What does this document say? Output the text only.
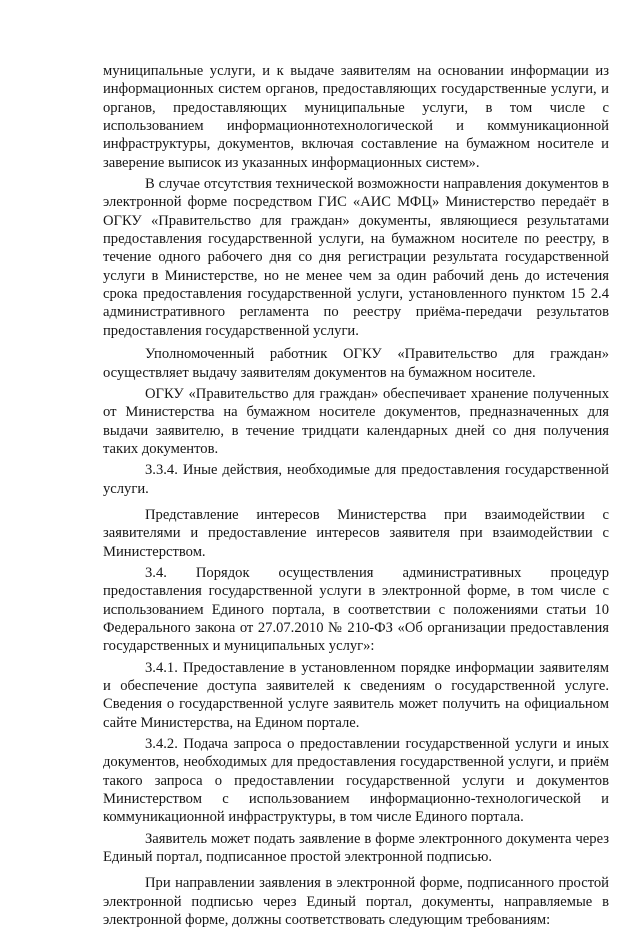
муниципальные услуги, и к выдаче заявителям на основании информации из информационных систем органов, предоставляющих государственные услуги, и органов, предоставляющих муниципальные услуги, в том числе с использованием информационнотехнологической и коммуникационной инфраструктуры, документов, включая составление на бумажном носителе и заверение выписок из указанных информационных систем».

В случае отсутствия технической возможности направления документов в электронной форме посредством ГИС «АИС МФЦ» Министерство передаёт в ОГКУ «Правительство для граждан» документы, являющиеся результатами предоставления государственной услуги, на бумажном носителе по реестру, в течение одного рабочего дня со дня регистрации результата государственной услуги в Министерстве, но не менее чем за один рабочий день до истечения срока предоставления государственной услуги, установленного пунктом 15 2.4 административного регламента по реестру приёма-передачи результатов предоставления государственной услуги.

Уполномоченный работник ОГКУ «Правительство для граждан» осуществляет выдачу заявителям документов на бумажном носителе.

ОГКУ «Правительство для граждан» обеспечивает хранение полученных от Министерства на бумажном носителе документов, предназначенных для выдачи заявителю, в течение тридцати календарных дней со дня получения таких документов.

3.3.4. Иные действия, необходимые для предоставления государственной услуги.

Представление интересов Министерства при взаимодействии с заявителями и предоставление интересов заявителя при взаимодействии с Министерством.

3.4. Порядок осуществления административных процедур предоставления государственной услуги в электронной форме, в том числе с использованием Единого портала, в соответствии с положениями статьи 10 Федерального закона от 27.07.2010 № 210-ФЗ «Об организации предоставления государственных и муниципальных услуг»:

3.4.1. Предоставление в установленном порядке информации заявителям и обеспечение доступа заявителей к сведениям о государственной услуге. Сведения о государственной услуге заявитель может получить на официальном сайте Министерства, на Едином портале.

3.4.2. Подача запроса о предоставлении государственной услуги и иных документов, необходимых для предоставления государственной услуги, и приём такого запроса о предоставлении государственной услуги и документов Министерством с использованием информационно-технологической и коммуникационной инфраструктуры, в том числе Единого портала.

Заявитель может подать заявление в форме электронного документа через Единый портал, подписанное простой электронной подписью.

При направлении заявления в электронной форме, подписанного простой электронной подписью через Единый портал, документы, направляемые в электронной форме, должны соответствовать следующим требованиям:
